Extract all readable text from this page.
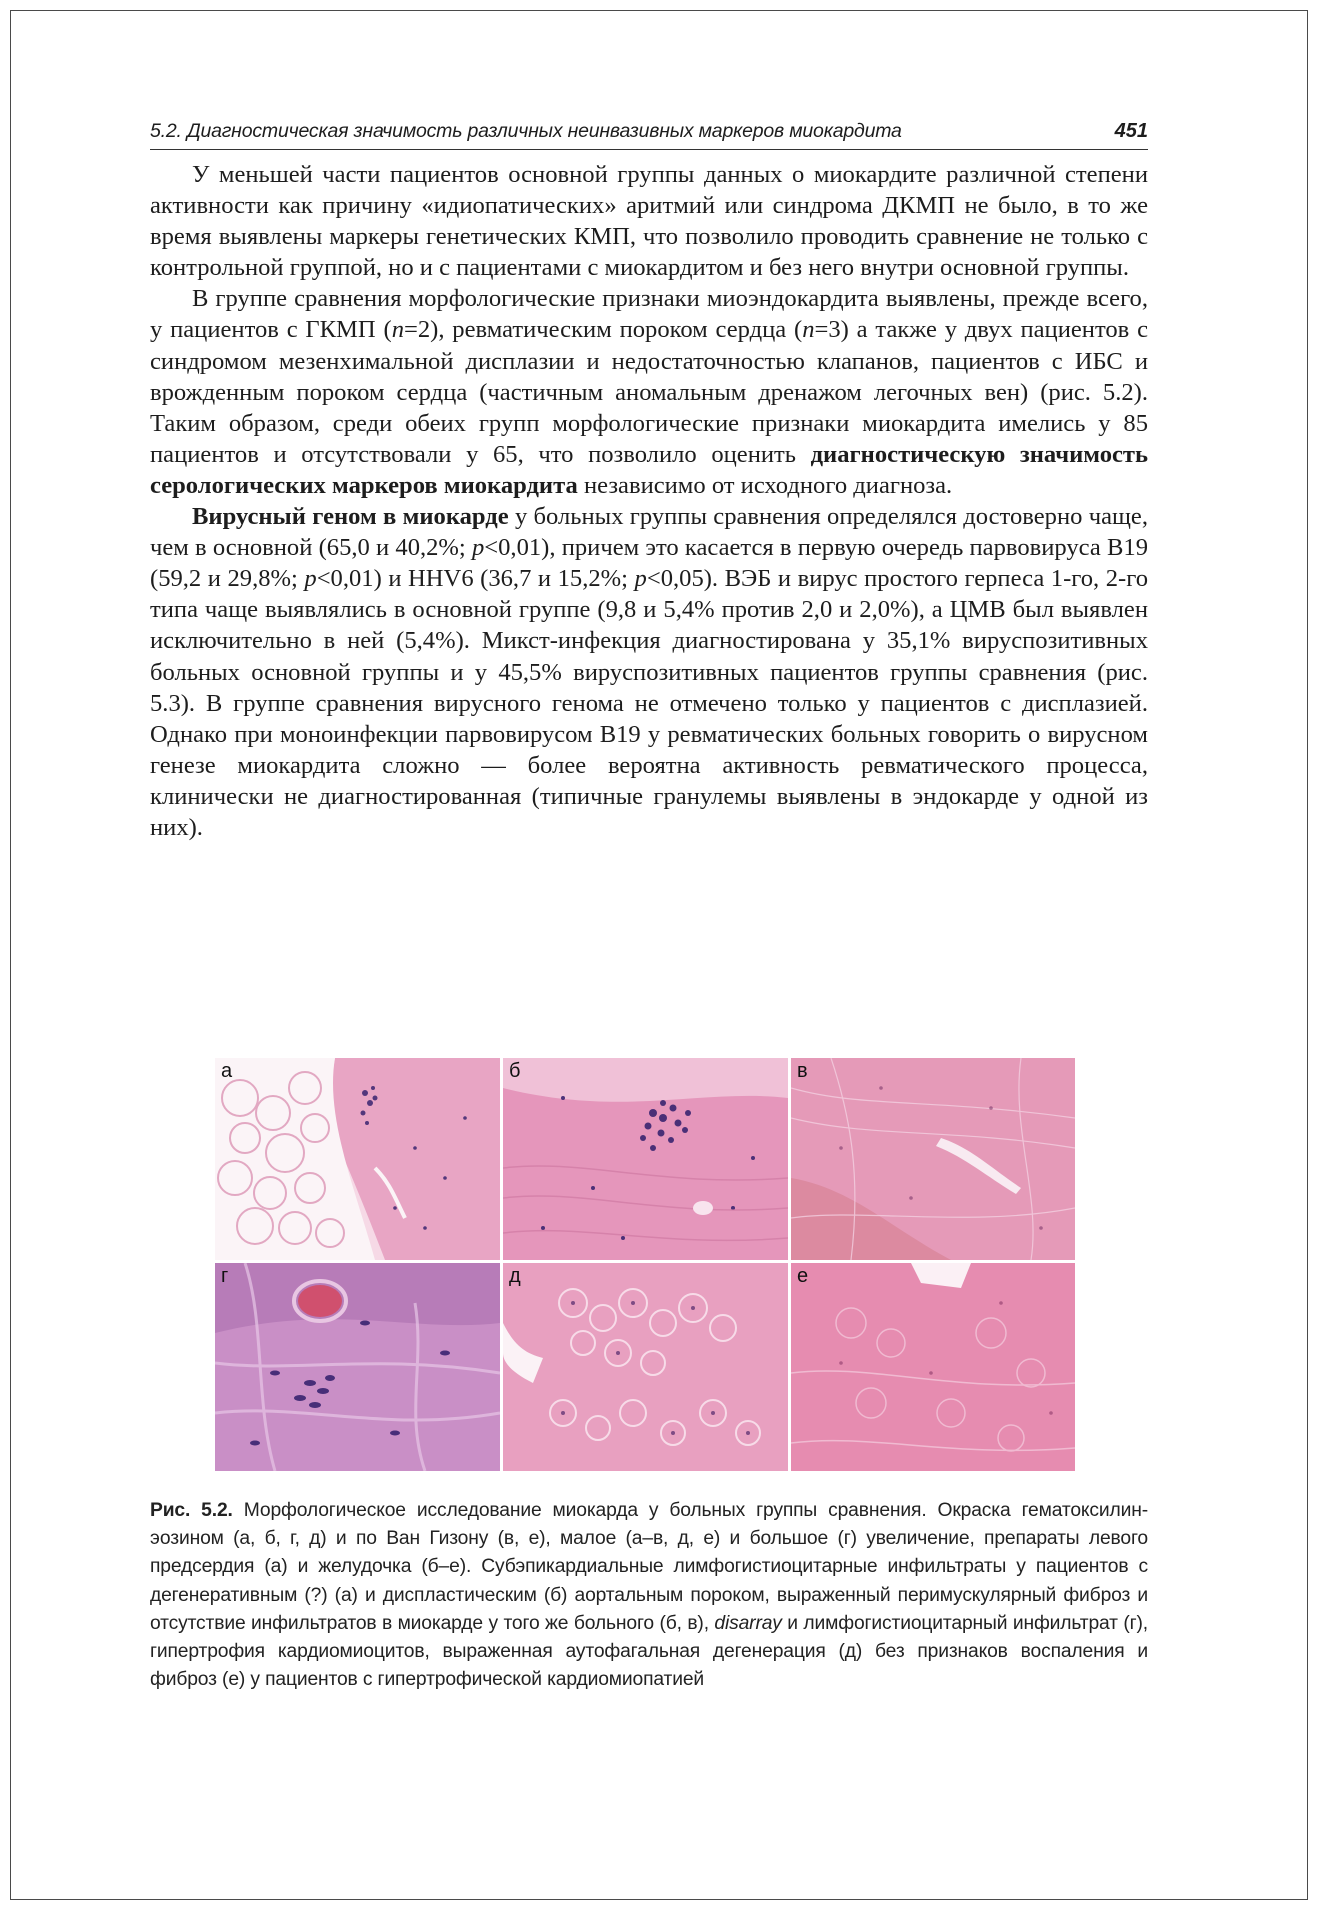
5.2. Диагностическая значимость различных неинвазивных маркеров миокардита	451

У меньшей части пациентов основной группы данных о миокардите различной степени активности как причину «идиопатических» аритмий или синдрома ДКМП не было, в то же время выявлены маркеры генетических КМП, что позволило проводить сравнение не только с контрольной группой, но и с пациентами с миокардитом и без него внутри основной группы.

В группе сравнения морфологические признаки миоэндокардита выявлены, прежде всего, у пациентов с ГКМП (n=2), ревматическим пороком сердца (n=3) а также у двух пациентов с синдромом мезенхимальной дисплазии и недостаточностью клапанов, пациентов с ИБС и врожденным пороком сердца (частичным аномальным дренажом легочных вен) (рис. 5.2). Таким образом, среди обеих групп морфологические признаки миокардита имелись у 85 пациентов и отсутствовали у 65, что позволило оценить диагностическую значимость серологических маркеров миокардита независимо от исходного диагноза.

Вирусный геном в миокарде у больных группы сравнения определялся достоверно чаще, чем в основной (65,0 и 40,2%; p<0,01), причем это касается в первую очередь парвовируса В19 (59,2 и 29,8%; p<0,01) и HHV6 (36,7 и 15,2%; p<0,05). ВЭБ и вирус простого герпеса 1-го, 2-го типа чаще выявлялись в основной группе (9,8 и 5,4% против 2,0 и 2,0%), а ЦМВ был выявлен исключительно в ней (5,4%). Микст-инфекция диагностирована у 35,1% вируспозитивных больных основной группы и у 45,5% вируспозитивных пациентов группы сравнения (рис. 5.3). В группе сравнения вирусного генома не отмечено только у пациентов с дисплазией. Однако при моноинфекции парвовирусом В19 у ревматических больных говорить о вирусном генезе миокардита сложно — более вероятна активность ревматического процесса, клинически не диагностированная (типичные гранулемы выявлены в эндокарде у одной из них).

а	б	в
г	д	е
Рис. 5.2. Морфологическое исследование миокарда у больных группы сравнения. Окраска гематоксилин-эозином (а, б, г, д) и по Ван Гизону (в, е), малое (а–в, д, е) и большое (г) увеличение, препараты левого предсердия (а) и желудочка (б–е). Субэпикардиальные лимфогистиоцитарные инфильтраты у пациентов с дегенеративным (?) (а) и диспластическим (б) аортальным пороком, выраженный перимускулярный фиброз и отсутствие инфильтратов в миокарде у того же больного (б, в), disarray и лимфогистиоцитарный инфильтрат (г), гипертрофия кардиомиоцитов, выраженная аутофагальная дегенерация (д) без признаков воспаления и фиброз (е) у пациентов с гипертрофической кардиомиопатией
